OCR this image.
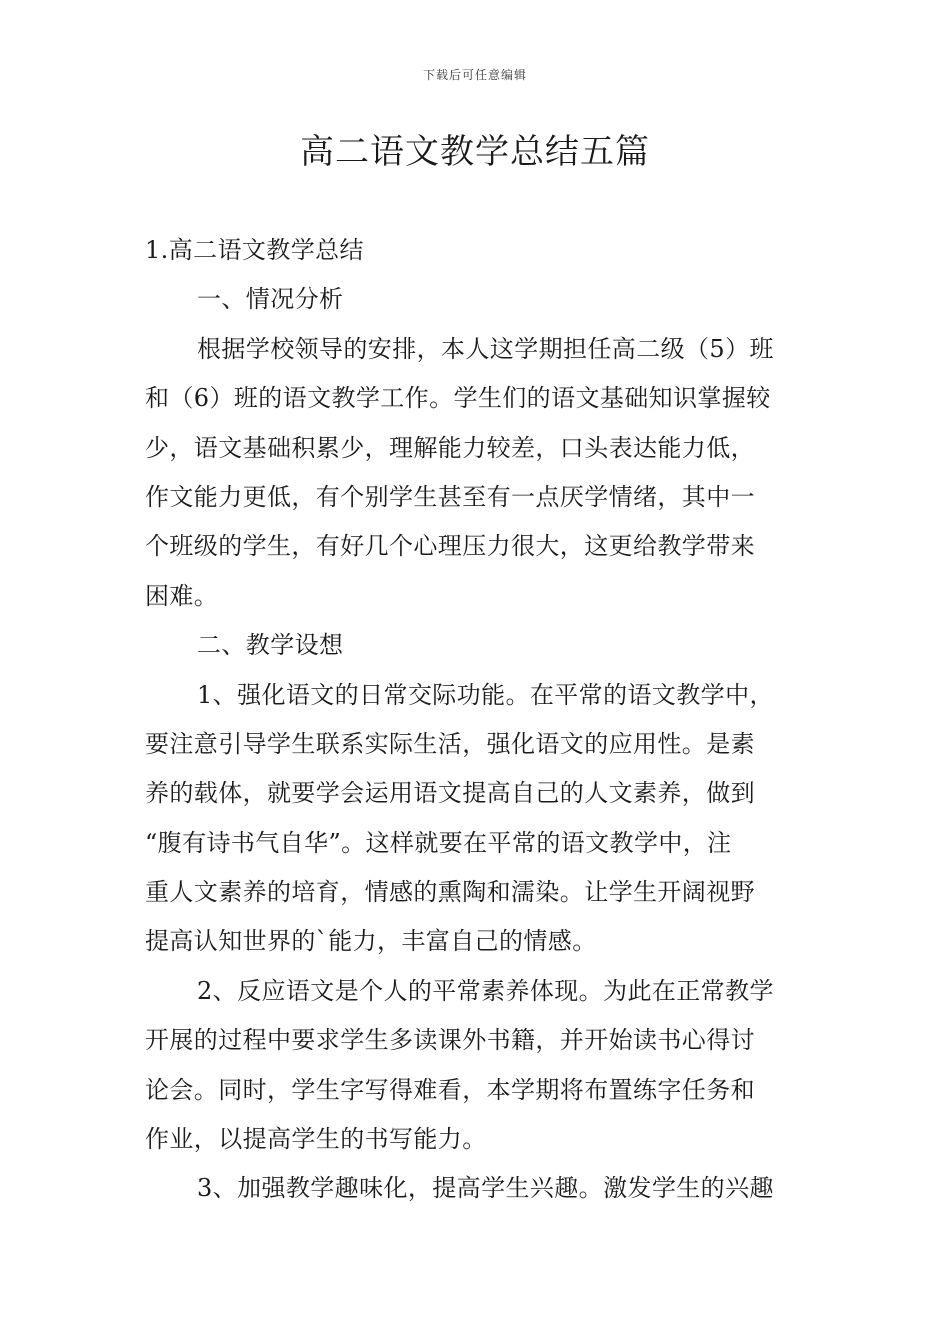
下载后可任意编辑
高二语文教学总结五篇
1.高二语文教学总结
一、情况分析
根据学校领导的安排，本人这学期担任高二级（5）班
和（6）班的语文教学工作。学生们的语文基础知识掌握较
少，语文基础积累少，理解能力较差，口头表达能力低，
作文能力更低，有个别学生甚至有一点厌学情绪，其中一
个班级的学生，有好几个心理压力很大，这更给教学带来
困难。
二、教学设想
1、强化语文的日常交际功能。在平常的语文教学中，
要注意引导学生联系实际生活，强化语文的应用性。是素
养的载体，就要学会运用语文提高自己的人文素养，做到
“腹有诗书气自华”。这样就要在平常的语文教学中，注
重人文素养的培育，情感的熏陶和濡染。让学生开阔视野
提高认知世界的`能力，丰富自己的情感。
2、反应语文是个人的平常素养体现。为此在正常教学
开展的过程中要求学生多读课外书籍，并开始读书心得讨
论会。同时，学生字写得难看，本学期将布置练字任务和
作业，以提高学生的书写能力。
3、加强教学趣味化，提高学生兴趣。激发学生的兴趣
